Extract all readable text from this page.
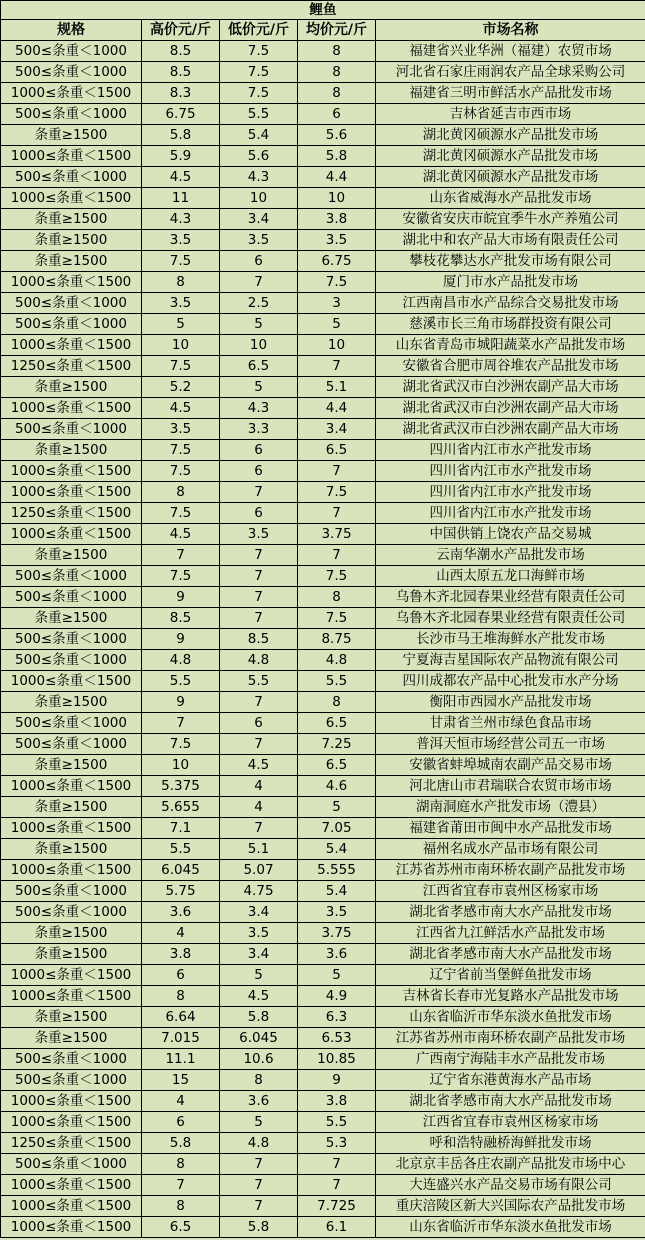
鲤鱼				
规格	高价元/斤	低价元/斤	均价元/斤	市场名称
500≤条重＜1000	8.5	7.5	8	福建省兴业华洲（福建）农贸市场
500≤条重＜1000	8.5	7.5	8	河北省石家庄雨润农产品全球采购公司
1000≤条重＜1500	8.3	7.5	8	福建省三明市鲜活水产品批发市场
500≤条重＜1000	6.75	5.5	6	吉林省延吉市西市场
条重≥1500	5.8	5.4	5.6	湖北黄冈硕源水产品批发市场
1000≤条重＜1500	5.9	5.6	5.8	湖北黄冈硕源水产品批发市场
500≤条重＜1000	4.5	4.3	4.4	湖北黄冈硕源水产品批发市场
1000≤条重＜1500	11	10	10	山东省威海水产品批发市场
条重≥1500	4.3	3.4	3.8	安徽省安庆市皖宜季牛水产养殖公司
条重≥1500	3.5	3.5	3.5	湖北中和农产品大市场有限责任公司
条重≥1500	7.5	6	6.75	攀枝花攀达水产批发市场有限公司
1000≤条重＜1500	8	7	7.5	厦门市水产品批发市场
500≤条重＜1000	3.5	2.5	3	江西南昌市水产品综合交易批发市场
500≤条重＜1000	5	5	5	慈溪市长三角市场群投资有限公司
1000≤条重＜1500	10	10	10	山东省青岛市城阳蔬菜水产品批发市场
1250≤条重＜1500	7.5	6.5	7	安徽省合肥市周谷堆农产品批发市场
条重≥1500	5.2	5	5.1	湖北省武汉市白沙洲农副产品大市场
1000≤条重＜1500	4.5	4.3	4.4	湖北省武汉市白沙洲农副产品大市场
500≤条重＜1000	3.5	3.3	3.4	湖北省武汉市白沙洲农副产品大市场
条重≥1500	7.5	6	6.5	四川省内江市水产批发市场
1000≤条重＜1500	7.5	6	7	四川省内江市水产批发市场
1000≤条重＜1500	8	7	7.5	四川省内江市水产批发市场
1250≤条重＜1500	7.5	6	7	四川省内江市水产批发市场
1000≤条重＜1500	4.5	3.5	3.75	中国供销上饶农产品交易城
条重≥1500	7	7	7	云南华潮水产品批发市场
500≤条重＜1000	7.5	7	7.5	山西太原五龙口海鲜市场
500≤条重＜1000	9	7	8	乌鲁木齐北园春果业经营有限责任公司
条重≥1500	8.5	7	7.5	乌鲁木齐北园春果业经营有限责任公司
500≤条重＜1000	9	8.5	8.75	长沙市马王堆海鲜水产批发市场
500≤条重＜1000	4.8	4.8	4.8	宁夏海吉星国际农产品物流有限公司
1000≤条重＜1500	5.5	5.5	5.5	四川成都农产品中心批发市水产分场
条重≥1500	9	7	8	衡阳市西园水产品批发市场
500≤条重＜1000	7	6	6.5	甘肃省兰州市绿色食品市场
500≤条重＜1000	7.5	7	7.25	普洱天恒市场经营公司五一市场
条重≥1500	10	4.5	6.5	安徽省蚌埠城南农副产品交易市场
1000≤条重＜1500	5.375	4	4.6	河北唐山市君瑞联合农贸市场市场
条重≥1500	5.655	4	5	湖南洞庭水产批发市场（澧县）
1000≤条重＜1500	7.1	7	7.05	福建省莆田市闽中水产品批发市场
条重≥1500	5.5	5.1	5.4	福州名成水产品市场有限公司
1000≤条重＜1500	6.045	5.07	5.555	江苏省苏州市南环桥农副产品批发市场
500≤条重＜1000	5.75	4.75	5.4	江西省宜春市袁州区杨家市场
500≤条重＜1000	3.6	3.4	3.5	湖北省孝感市南大水产品批发市场
条重≥1500	4	3.5	3.75	江西省九江鲜活水产品批发市场
条重≥1500	3.8	3.4	3.6	湖北省孝感市南大水产品批发市场
1000≤条重＜1500	6	5	5	辽宁省前当堡鲜鱼批发市场
1000≤条重＜1500	8	4.5	4.9	吉林省长春市光复路水产品批发市场
条重≥1500	6.64	5.8	6.3	山东省临沂市华东淡水鱼批发市场
条重≥1500	7.015	6.045	6.53	江苏省苏州市南环桥农副产品批发市场
500≤条重＜1000	11.1	10.6	10.85	广西南宁海陆丰水产品批发市场
500≤条重＜1000	15	8	9	辽宁省东港黄海水产品市场
1000≤条重＜1500	4	3.6	3.8	湖北省孝感市南大水产品批发市场
1000≤条重＜1500	6	5	5.5	江西省宜春市袁州区杨家市场
1250≤条重＜1500	5.8	4.8	5.3	呼和浩特融桥海鲜批发市场
500≤条重＜1000	8	7	7	北京京丰岳各庄农副产品批发市场中心
1000≤条重＜1500	7	7	7	大连盛兴水产品交易市场有限公司
1000≤条重＜1500	8	7	7.725	重庆涪陵区新大兴国际农产品批发市场
1000≤条重＜1500	6.5	5.8	6.1	山东省临沂市华东淡水鱼批发市场
